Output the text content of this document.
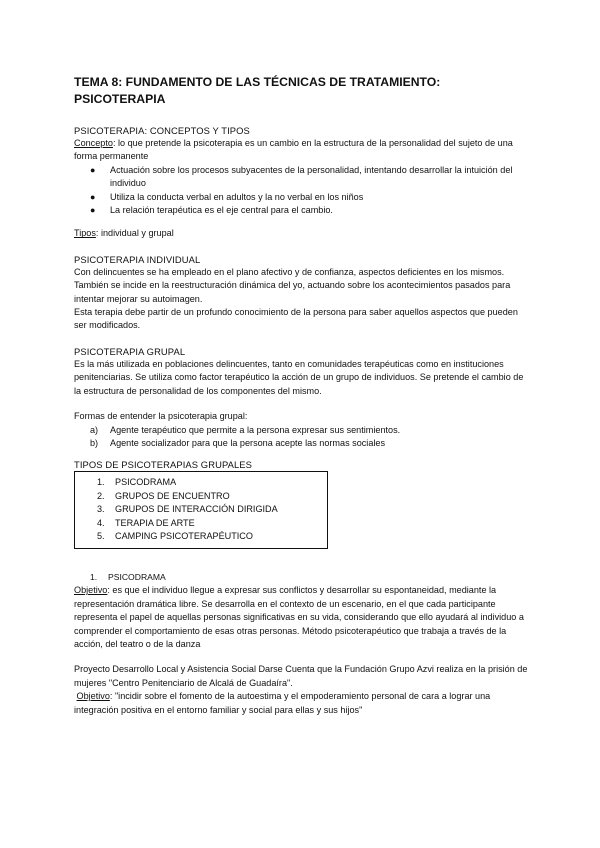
TEMA 8: FUNDAMENTO DE LAS TÉCNICAS DE TRATAMIENTO: PSICOTERAPIA

PSICOTERAPIA: CONCEPTOS Y TIPOS

Concepto: lo que pretende la psicoterapia es un cambio en la estructura de la personalidad del sujeto de una forma permanente

● Actuación sobre los procesos subyacentes de la personalidad, intentando desarrollar la intuición del individuo
● Utiliza la conducta verbal en adultos y la no verbal en los niños
● La relación terapéutica es el eje central para el cambio.

Tipos: individual y grupal

PSICOTERAPIA INDIVIDUAL

Con delincuentes se ha empleado en el plano afectivo y de confianza, aspectos deficientes en los mismos. También se incide en la reestructuración dinámica del yo, actuando sobre los acontecimientos pasados para intentar mejorar su autoimagen.

Esta terapia debe partir de un profundo conocimiento de la persona para saber aquellos aspectos que pueden ser modificados.

PSICOTERAPIA GRUPAL

Es la más utilizada en poblaciones delincuentes, tanto en comunidades terapéuticas como en instituciones penitenciarias. Se utiliza como factor terapéutico la acción de un grupo de individuos. Se pretende el cambio de la estructura de personalidad de los componentes del mismo.

Formas de entender la psicoterapia grupal:

a) Agente terapéutico que permite a la persona expresar sus sentimientos.
b) Agente socializador para que la persona acepte las normas sociales

TIPOS DE PSICOTERAPIAS GRUPALES

1. PSICODRAMA
2. GRUPOS DE ENCUENTRO
3. GRUPOS DE INTERACCIÓN DIRIGIDA
4. TERAPIA DE ARTE
5. CAMPING PSICOTERAPÉUTICO

1. PSICODRAMA

Objetivo: es que el individuo llegue a expresar sus conflictos y desarrollar su espontaneidad, mediante la representación dramática libre. Se desarrolla en el contexto de un escenario, en el que cada participante representa el papel de aquellas personas significativas en su vida, considerando que ello ayudará al individuo a comprender el comportamiento de esas otras personas. Método psicoterapéutico que trabaja a través de la acción, del teatro o de la danza

Proyecto Desarrollo Local y Asistencia Social Darse Cuenta que la Fundación Grupo Azvi realiza en la prisión de mujeres "Centro Penitenciario de Alcalá de Guadaíra".

Objetivo: "incidir sobre el fomento de la autoestima y el empoderamiento personal de cara a lograr una integración positiva en el entorno familiar y social para ellas y sus hijos"
